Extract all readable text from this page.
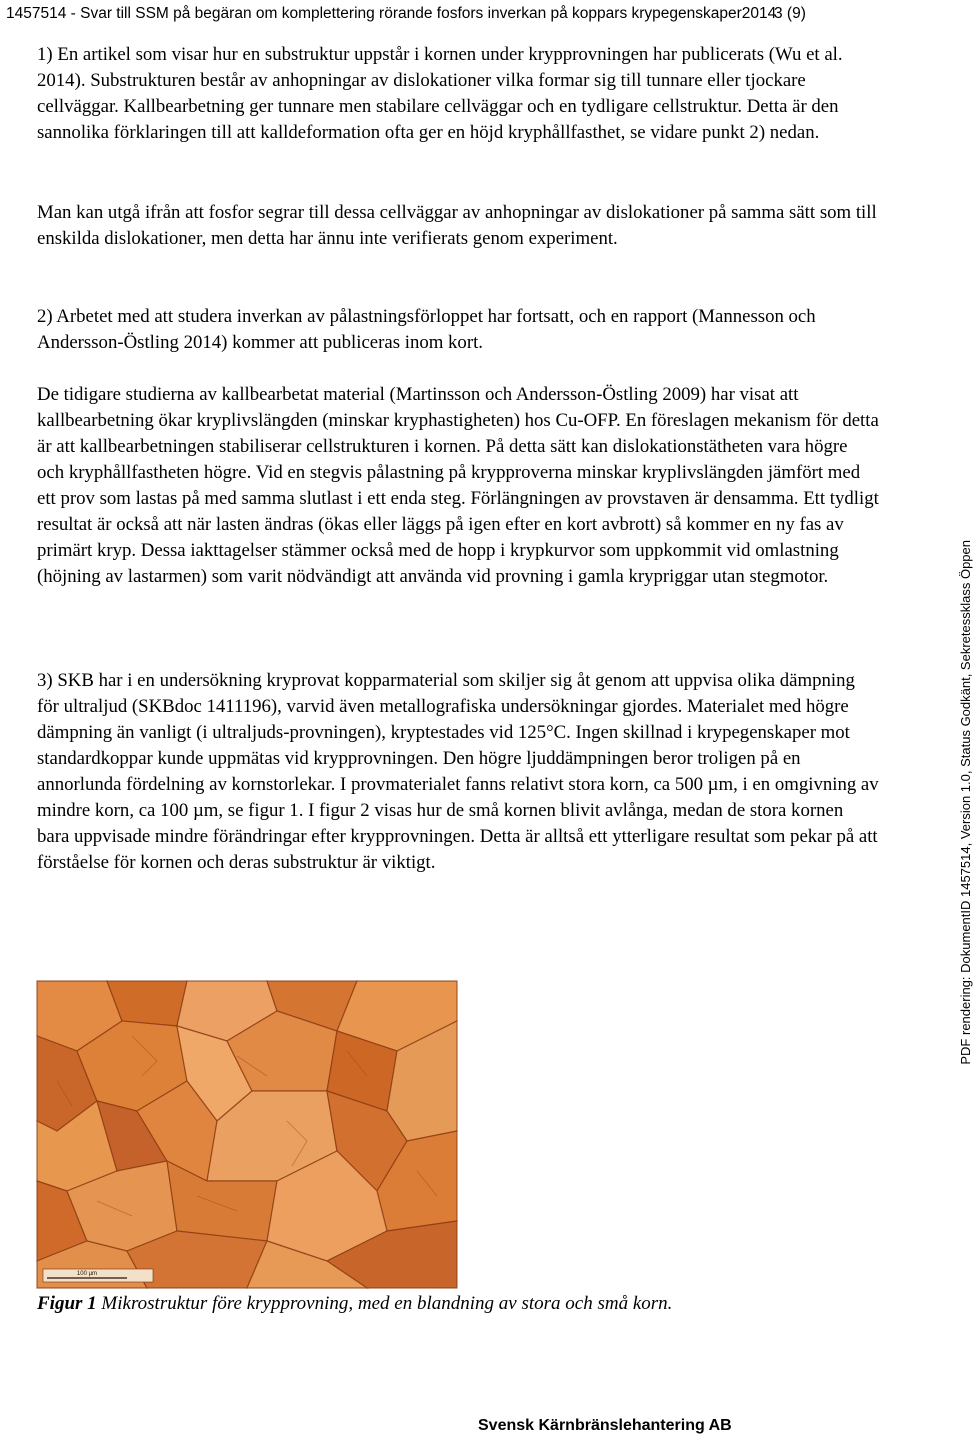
1457514 - Svar till SSM på begäran om komplettering rörande fosfors inverkan på koppars krypegenskaper2014
3 (9)

1) En artikel som visar hur en substruktur uppstår i kornen under krypprovningen har publicerats (Wu et al. 2014). Substrukturen består av anhopningar av dislokationer vilka formar sig till tunnare eller tjockare cellväggar. Kallbearbetning ger tunnare men stabilare cellväggar och en tydligare cellstruktur. Detta är den sannolika förklaringen till att kalldeformation ofta ger en höjd kryphållfasthet, se vidare punkt 2) nedan.

Man kan utgå ifrån att fosfor segrar till dessa cellväggar av anhopningar av dislokationer på samma sätt som till enskilda dislokationer, men detta har ännu inte verifierats genom experiment.

2) Arbetet med att studera inverkan av pålastningsförloppet har fortsatt, och en rapport (Mannesson och Andersson-Östling 2014) kommer att publiceras inom kort.

De tidigare studierna av kallbearbetat material (Martinsson och Andersson-Östling 2009) har visat att kallbearbetning ökar kryplivslängden (minskar kryphastigheten) hos Cu-OFP. En föreslagen mekanism för detta är att kallbearbetningen stabiliserar cellstrukturen i kornen. På detta sätt kan dislokationstätheten vara högre och kryphållfastheten högre. Vid en stegvis pålastning på krypproverna minskar kryplivslängden jämfört med ett prov som lastas på med samma slutlast i ett enda steg. Förlängningen av provstaven är densamma. Ett tydligt resultat är också att när lasten ändras (ökas eller läggs på igen efter en kort avbrott) så kommer en ny fas av primärt kryp. Dessa iakttagelser stämmer också med de hopp i krypkurvor som uppkommit vid omlastning (höjning av lastarmen) som varit nödvändigt att använda vid provning i gamla krypriggar utan stegmotor.

3) SKB har i en undersökning kryprovat kopparmaterial som skiljer sig åt genom att uppvisa olika dämpning för ultraljud (SKBdoc 1411196), varvid även metallografiska undersökningar gjordes. Materialet med högre dämpning än vanligt (i ultraljuds-provningen), kryptestades vid 125°C. Ingen skillnad i krypegenskaper mot standardkoppar kunde uppmätas vid krypprovningen. Den högre ljuddämpningen beror troligen på en annorlunda fördelning av kornstorlekar. I provmaterialet fanns relativt stora korn, ca 500 µm, i en omgivning av mindre korn, ca 100 µm, se figur 1. I figur 2 visas hur de små kornen blivit avlånga, medan de stora kornen bara uppvisade mindre förändringar efter krypprovningen. Detta är alltså ett ytterligare resultat som pekar på att förståelse för kornen och deras substruktur är viktigt.

100 µm
Figur 1 Mikrostruktur före krypprovning, med en blandning av stora och små korn.
Svensk Kärnbränslehantering AB
PDF rendering: DokumentID 1457514, Version 1.0, Status Godkänt, Sekretessklass Öppen
